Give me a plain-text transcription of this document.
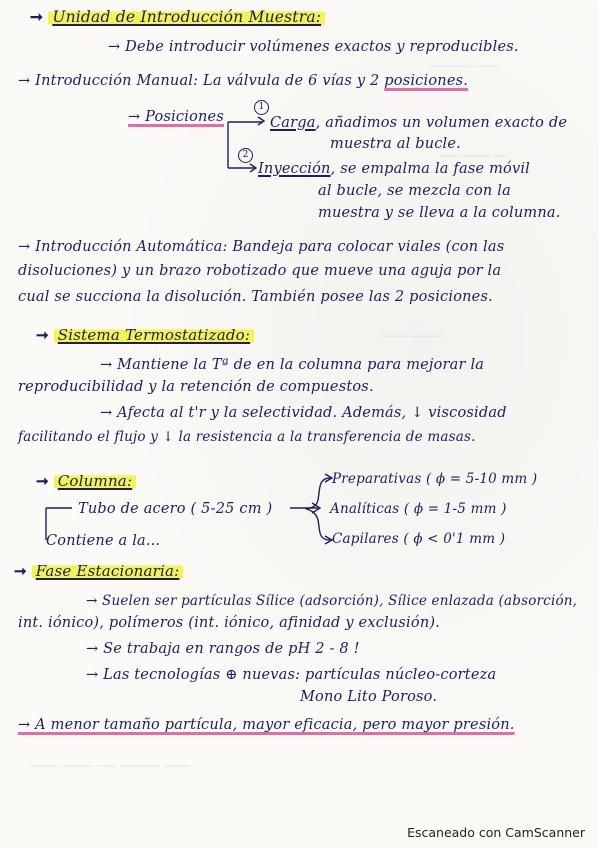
───── ─ ───
─── ──── ──
──── ─────
──── ───── ─── ────── ────
➞ Unidad de Introducción Muestra:
→ Debe introducir volúmenes exactos y reproducibles.
→ Introducción Manual: La válvula de 6 vías y 2 posiciones.
→ Posiciones
1
Carga, añadimos un volumen exacto de
muestra al bucle.
2
Inyección, se empalma la fase móvil
al bucle, se mezcla con la
muestra y se lleva a la columna.
→ Introducción Automática: Bandeja para colocar viales (con las
disoluciones) y un brazo robotizado que mueve una aguja por la
cual se succiona la disolución. También posee las 2 posiciones.
➞ Sistema Termostatizado:
→ Mantiene la Tª de en la columna para mejorar la
reproducibilidad y la retención de compuestos.
→ Afecta al t'r y la selectividad. Además, ↓ viscosidad
facilitando el flujo y ↓ la resistencia a la transferencia de masas.
➞ Columna:
Tubo de acero ( 5-25 cm )
Contiene a la...
Preparativas ( ϕ = 5-10 mm )
Analíticas ( ϕ = 1-5 mm )
Capilares ( ϕ < 0'1 mm )
➞ Fase Estacionaria:
→ Suelen ser partículas Sílice (adsorción), Sílice enlazada (absorción,
int. iónico), polímeros (int. iónico, afinidad y exclusión).
→ Se trabaja en rangos de pH 2 - 8 !
→ Las tecnologías ⊕ nuevas: partículas núcleo-corteza
Mono Lito Poroso.
→ A menor tamaño partícula, mayor eficacia, pero mayor presión.
Escaneado con CamScanner
